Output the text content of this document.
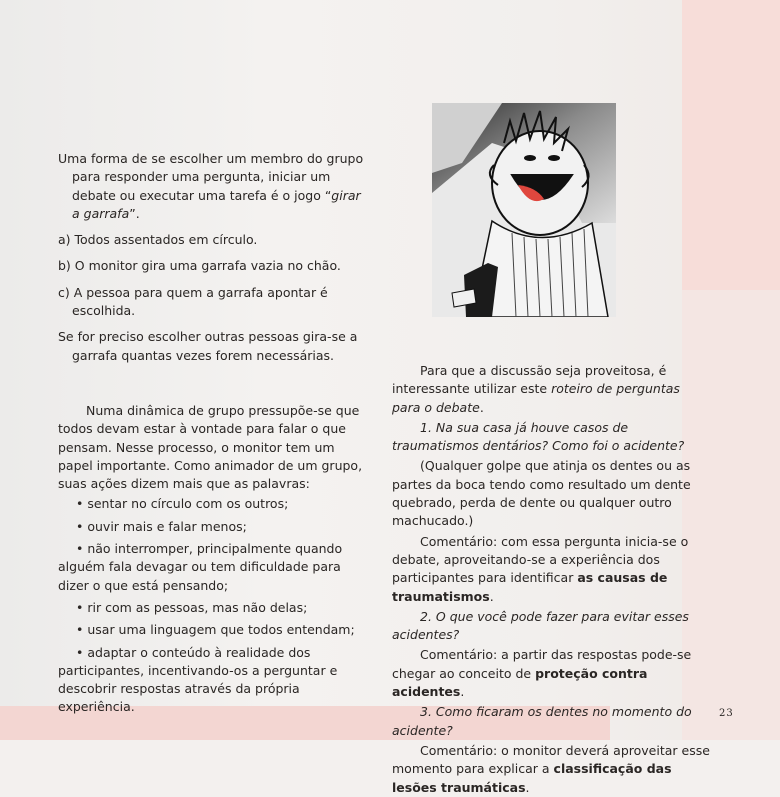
Uma forma de se escolher um membro do grupo para responder uma pergunta, iniciar um debate ou executar uma tarefa é o jogo “girar a garrafa”.

a) Todos assentados em círculo.

b) O monitor gira uma garrafa vazia no chão.

c) A pessoa para quem a garrafa apontar é escolhida.

Se for preciso escolher outras pessoas gira-se a garrafa quantas vezes forem necessárias.

Numa dinâmica de grupo pressupõe-se que todos devam estar à vontade para falar o que pensam. Nesse processo, o monitor tem um papel importante. Como animador de um grupo, suas ações dizem mais que as palavras:

• sentar no círculo com os outros;

• ouvir mais e falar menos;

• não interromper, principalmente quando alguém fala devagar ou tem dificuldade para dizer o que está pensando;

• rir com as pessoas, mas não delas;

• usar uma linguagem que todos entendam;

• adaptar o conteúdo à realidade dos participantes, incentivando-os a perguntar e descobrir respostas através da própria experiência.

Para que a discussão seja proveitosa, é interessante utilizar este roteiro de perguntas para o debate.

1. Na sua casa já houve casos de traumatismos dentários? Como foi o acidente?

(Qualquer golpe que atinja os dentes ou as partes da boca tendo como resultado um dente quebrado, perda de dente ou qualquer outro machucado.)

Comentário: com essa pergunta inicia-se o debate, aproveitando-se a experiência dos participantes para identificar as causas de traumatismos.

2. O que você pode fazer para evitar esses acidentes?

Comentário: a partir das respostas pode-se chegar ao conceito de proteção contra acidentes.

3. Como ficaram os dentes no momento do acidente?

Comentário: o monitor deverá aproveitar esse momento para explicar a classificação das lesões traumáticas.

23
